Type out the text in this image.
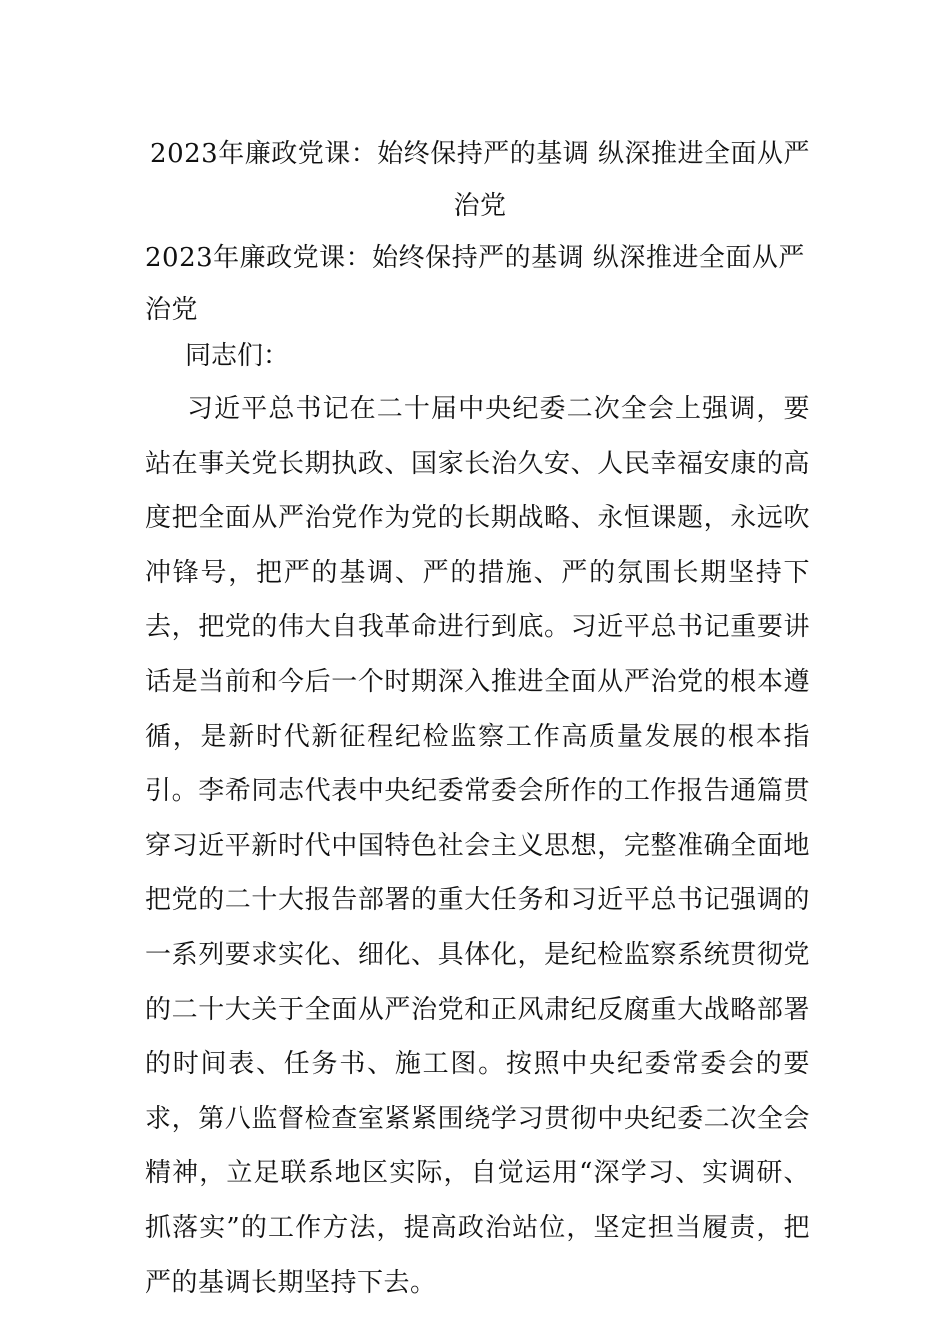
2023年廉政党课：始终保持严的基调 纵深推进全面从严治党
2023年廉政党课：始终保持严的基调 纵深推进全面从严治党
同志们：
习近平总书记在二十届中央纪委二次全会上强调，要站在事关党长期执政、国家长治久安、人民幸福安康的高度把全面从严治党作为党的长期战略、永恒课题，永远吹冲锋号，把严的基调、严的措施、严的氛围长期坚持下去，把党的伟大自我革命进行到底。习近平总书记重要讲话是当前和今后一个时期深入推进全面从严治党的根本遵循，是新时代新征程纪检监察工作高质量发展的根本指引。李希同志代表中央纪委常委会所作的工作报告通篇贯穿习近平新时代中国特色社会主义思想，完整准确全面地把党的二十大报告部署的重大任务和习近平总书记强调的一系列要求实化、细化、具体化，是纪检监察系统贯彻党的二十大关于全面从严治党和正风肃纪反腐重大战略部署的时间表、任务书、施工图。按照中央纪委常委会的要求，第八监督检查室紧紧围绕学习贯彻中央纪委二次全会精神，立足联系地区实际，自觉运用“深学习、实调研、抓落实”的工作方法，提高政治站位，坚定担当履责，把严的基调长期坚持下去。
